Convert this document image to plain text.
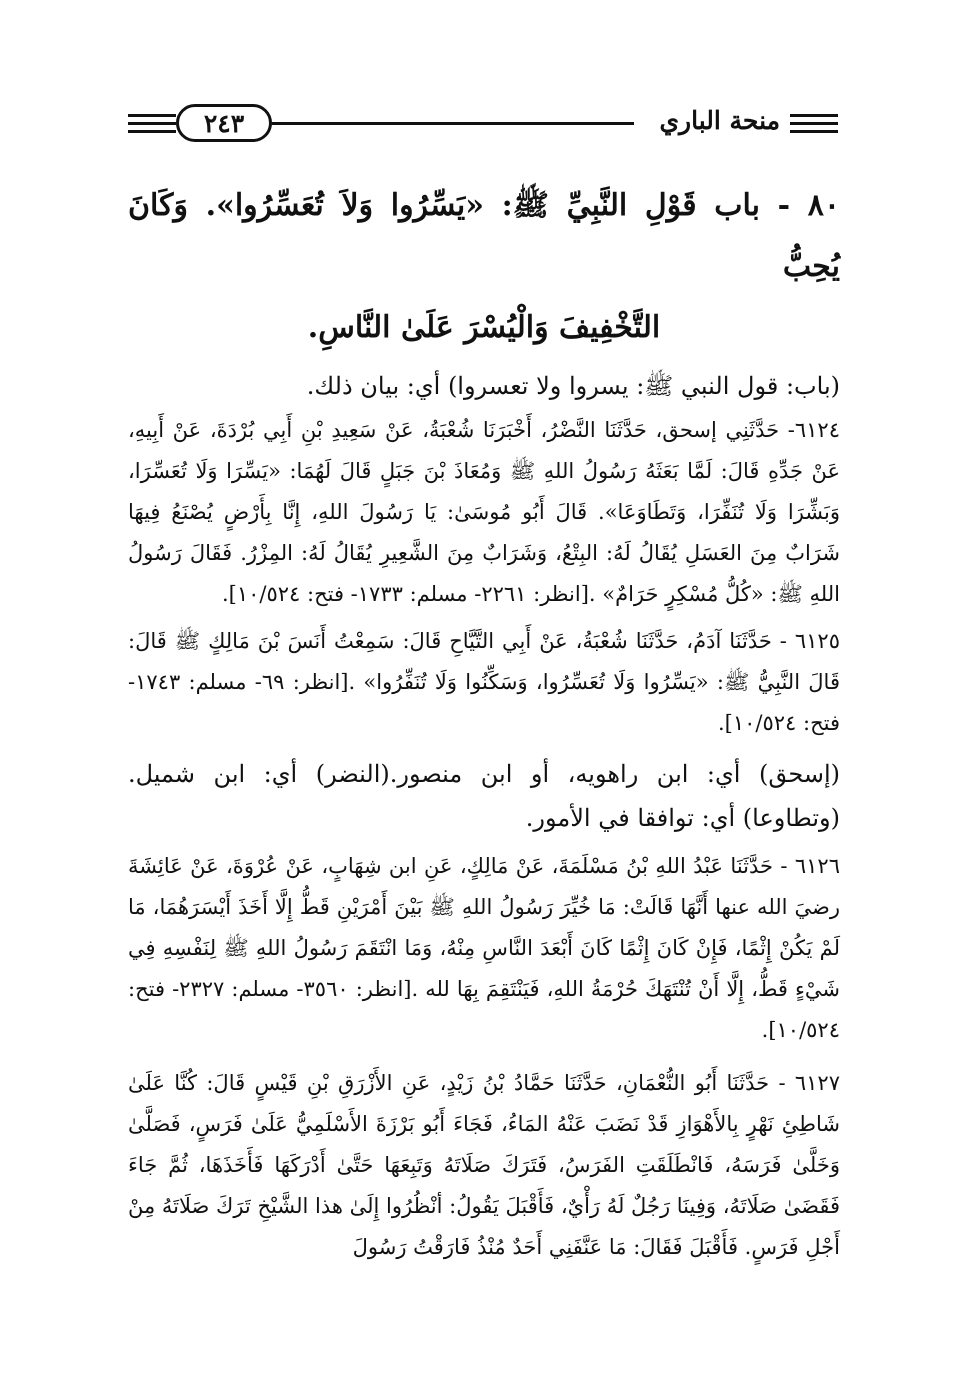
٢٤٣	منحة الباري
٨٠ - باب قَوْلِ النَّبِيِّ ﷺ: «يَسِّرُوا وَلاَ تُعَسِّرُوا». وَكَانَ يُحِبُّ
التَّخْفِيفَ وَالْيُسْرَ عَلَىٰ النَّاسِ.

(باب: قول النبي ﷺ: يسروا ولا تعسروا) أي: بيان ذلك.

٦١٢٤- حَدَّثَنِي إسحق، حَدَّثَنَا النَّضْرُ، أَخْبَرَنَا شُعْبَةُ، عَنْ سَعِيدِ بْنِ أَبِي بُرْدَةَ، عَنْ أَبِيهِ، عَنْ جَدِّهِ قَالَ: لَمَّا بَعَثَهُ رَسُولُ اللهِ ﷺ وَمُعَاذَ بْنَ جَبَلٍ قَالَ لَهُمَا: «يَسِّرَا وَلَا تُعَسِّرَا، وَبَشِّرَا وَلَا تُنَفِّرَا، وَتَطَاوَعَا». قَالَ أَبُو مُوسَىٰ: يَا رَسُولَ اللهِ، إِنَّا بِأَرْضٍ يُصْنَعُ فِيهَا شَرَابٌ مِنَ العَسَلِ يُقَالُ لَهُ: البِتْعُ، وَشَرَابٌ مِنَ الشَّعِيرِ يُقَالُ لَهُ: المِزْرُ. فَقَالَ رَسُولُ اللهِ ﷺ: «كُلُّ مُسْكِرٍ حَرَامٌ» .[انظر: ٢٢٦١- مسلم: ١٧٣٣- فتح: ١٠/٥٢٤].

٦١٢٥ - حَدَّثَنَا آدَمُ، حَدَّثَنَا شُعْبَةُ، عَنْ أَبِي التَّيَّاحِ قَالَ: سَمِعْتُ أَنَسَ بْنَ مَالِكٍ ﷺ قَالَ: قَالَ النَّبِيُّ ﷺ: «يَسِّرُوا وَلَا تُعَسِّرُوا، وَسَكِّنُوا وَلَا تُنَفِّرُوا» .[انظر: ٦٩- مسلم: ١٧٤٣- فتح: ١٠/٥٢٤].

(إسحق) أي: ابن راهويه، أو ابن منصور.(النضر) أي: ابن شميل. (وتطاوعا) أي: توافقا في الأمور.

٦١٢٦ - حَدَّثَنَا عَبْدُ اللهِ بْنُ مَسْلَمَةَ، عَنْ مَالِكٍ، عَنِ ابن شِهَابٍ، عَنْ عُرْوَةَ، عَنْ عَائِشَةَ رضيَ الله عنها أَنَّهَا قَالَتْ: مَا خُيِّرَ رَسُولُ اللهِ ﷺ بَيْنَ أَمْرَيْنِ قَطُّ إِلَّا أَخَذَ أَيْسَرَهُمَا، مَا لَمْ يَكُنْ إِثْمًا، فَإِنْ كَانَ إِثْمًا كَانَ أَبْعَدَ النَّاسِ مِنْهُ، وَمَا انْتَقَمَ رَسُولُ اللهِ ﷺ لِنَفْسِهِ فِي شَيْءٍ قَطُّ، إِلَّا أَنْ تُنْتَهَكَ حُرْمَةُ اللهِ، فَيَنْتَقِمَ بِهَا لله .[انظر: ٣٥٦٠- مسلم: ٢٣٢٧- فتح: ١٠/٥٢٤].

٦١٢٧ - حَدَّثَنَا أَبُو النُّعْمَانِ، حَدَّثَنَا حَمَّادُ بْنُ زَيْدٍ، عَنِ الأَزْرَقِ بْنِ قَيْسٍ قَالَ: كُنَّا عَلَىٰ شَاطِئِ نَهْرٍ بِالأَهْوَازِ قَدْ نَضَبَ عَنْهُ المَاءُ، فَجَاءَ أَبُو بَرْزَةَ الأَسْلَمِيُّ عَلَىٰ فَرَسٍ، فَصَلَّىٰ وَخَلَّىٰ فَرَسَهُ، فَانْطَلَقَتِ الفَرَسُ، فَتَرَكَ صَلَاتَهُ وَتَبِعَهَا حَتَّىٰ أَدْرَكَهَا فَأَخَذَهَا، ثُمَّ جَاءَ فَقَضَىٰ صَلَاتَهُ، وَفِينَا رَجُلٌ لَهُ رَأْيٌ، فَأَقْبَلَ يَقُولُ: أنْظُرُوا إِلَىٰ هذا الشَّيْخِ تَرَكَ صَلَاتَهُ مِنْ أَجْلِ فَرَسٍ. فَأَقْبَلَ فَقَالَ: مَا عَنَّفَنِي أَحَدٌ مُنْذُ فَارَقْتُ رَسُولَ
